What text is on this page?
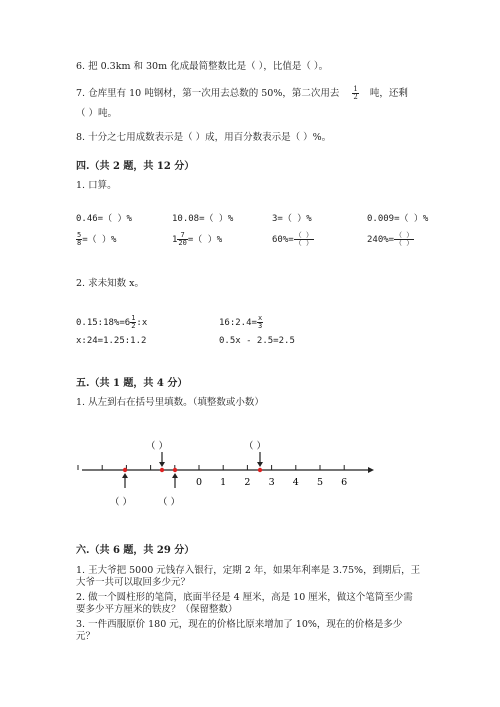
6. 把 0.3km 和 30m 化成最简整数比是（ ），比值是（ ）。
7. 仓库里有 10 吨钢材，第一次用去总数的 50%，第二次用去 $\frac{1}{2}$ 吨，还剩
（ ）吨。
8. 十分之七用成数表示是（ ）成，用百分数表示是（ ）%。
四.（共 2 题，共 12 分）
1. 口算。
0.46=（ ）%	10.08=（ ）%	3=（ ）%	0.009=（ ）%
$\frac{5}{8}$ =（ ）%	$1 \frac{7}{20}$ =（ ）%	$60\%= \frac{( )}{( )}$	$240\%= \frac{( )}{( )}$
2. 求未知数 x。
0.15:18%=6 $\frac{1}{2}$ :x	16:2.4= $\frac{x}{3}$
x:24=1.25:1.2	0.5x - 2.5=2.5
五.（共 1 题，共 4 分）
1. 从左到右在括号里填数。（填整数或小数）
0 1 2 3 4 5 6
（ ）	（ ）
（ ）	（ ）
六.（共 6 题，共 29 分）
1. 王大爷把 5000 元钱存入银行，定期 2 年，如果年利率是 3.75%，到期后，王
大爷一共可以取回多少元？
2. 做一个圆柱形的笔筒，底面半径是 4 厘米，高是 10 厘米，做这个笔筒至少需
要多少平方厘米的铁皮？（保留整数）
3. 一件西服原价 180 元，现在的价格比原来增加了 10%，现在的价格是多少
元？
